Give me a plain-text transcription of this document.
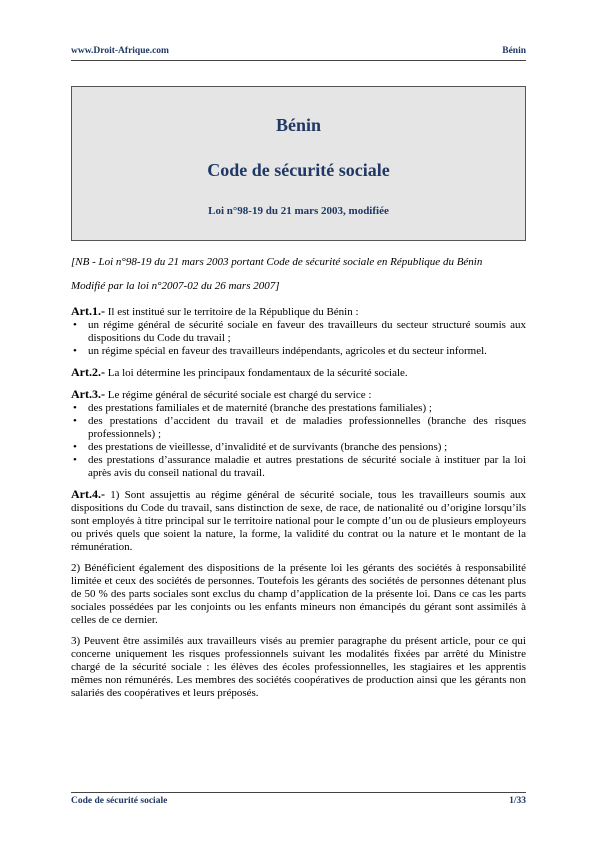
www.Droit-Afrique.com	Bénin
Bénin
Code de sécurité sociale
Loi n°98-19 du 21 mars 2003, modifiée
[NB - Loi n°98-19 du 21 mars 2003 portant Code de sécurité sociale en République du Bénin
Modifié par la loi n°2007-02 du 26 mars 2007]

Art.1.- Il est institué sur le territoire de la République du Bénin :

• un régime général de sécurité sociale en faveur des travailleurs du secteur structuré soumis aux dispositions du Code du travail ;
• un régime spécial en faveur des travailleurs indépendants, agricoles et du secteur informel.

Art.2.- La loi détermine les principaux fondamentaux de la sécurité sociale.

Art.3.- Le régime général de sécurité sociale est chargé du service :

• des prestations familiales et de maternité (branche des prestations familiales) ;
• des prestations d’accident du travail et de maladies professionnelles (branche des risques professionnels) ;
• des prestations de vieillesse, d’invalidité et de survivants (branche des pensions) ;
• des prestations d’assurance maladie et autres prestations de sécurité sociale à instituer par la loi après avis du conseil national du travail.

Art.4.- 1) Sont assujettis au régime général de sécurité sociale, tous les travailleurs soumis aux dispositions du Code du travail, sans distinction de sexe, de race, de nationalité ou d’origine lorsqu’ils sont employés à titre principal sur le territoire national pour le compte d’un ou de plusieurs employeurs ou privés quels que soient la nature, la forme, la validité du contrat ou la nature et le montant de la rémunération.

2) Bénéficient également des dispositions de la présente loi les gérants des sociétés à responsabilité limitée et ceux des sociétés de personnes. Toutefois les gérants des sociétés de personnes détenant plus de 50 % des parts sociales sont exclus du champ d’application de la présente loi. Dans ce cas les parts sociales possédées par les conjoints ou les enfants mineurs non émancipés du gérant sont assimilés à celles de ce dernier.

3) Peuvent être assimilés aux travailleurs visés au premier paragraphe du présent article, pour ce qui concerne uniquement les risques professionnels suivant les modalités fixées par arrêté du Ministre chargé de la sécurité sociale : les élèves des écoles professionnelles, les stagiaires et les apprentis mêmes non rémunérés. Les membres des sociétés coopératives de production ainsi que les gérants non salariés des coopératives et leurs préposés.

Code de sécurité sociale	1/33
